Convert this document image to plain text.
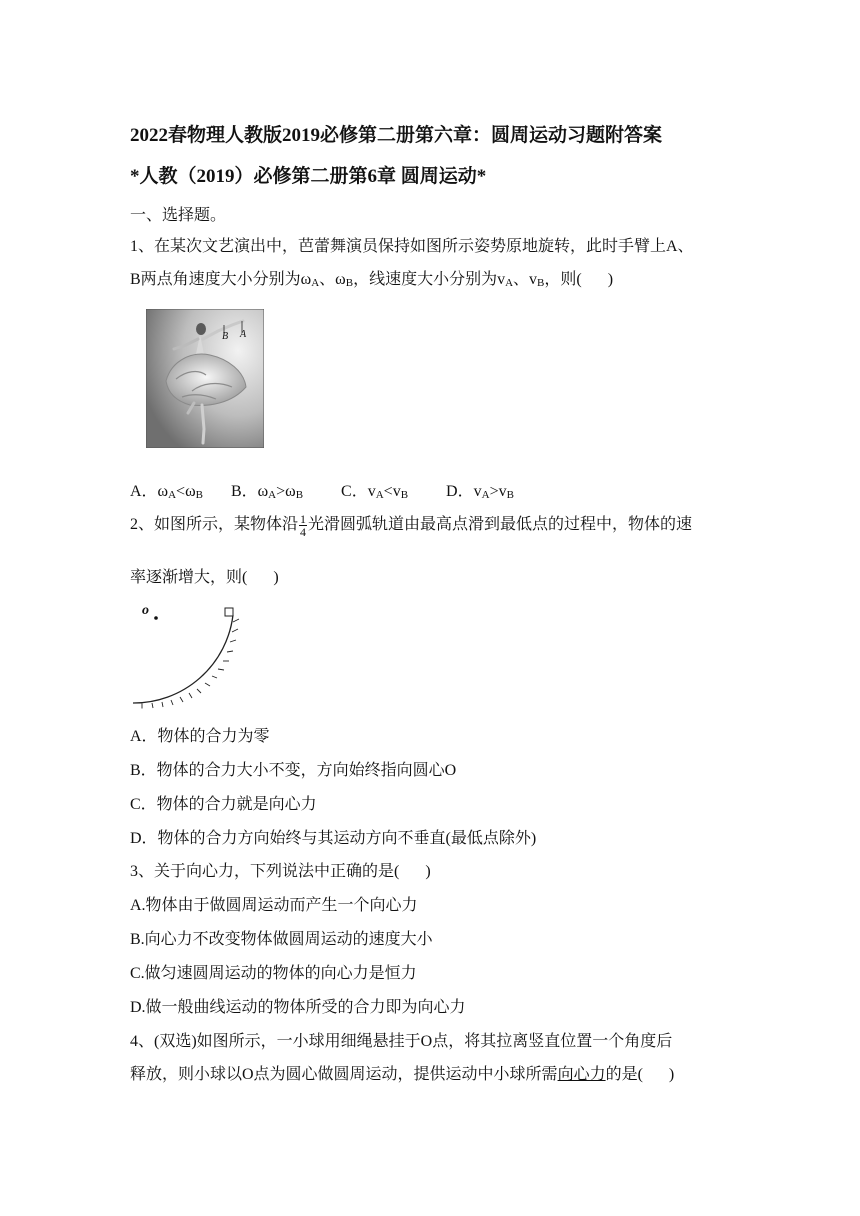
2022春物理人教版2019必修第二册第六章：圆周运动习题附答案
*人教（2019）必修第二册第6章 圆周运动*
一、选择题。
1、在某次文艺演出中，芭蕾舞演员保持如图所示姿势原地旋转，此时手臂上A、
B两点角速度大小分别为$\omega_A$、$\omega_B$，线速度大小分别为$v_A$、$v_B$，则( )
B A
A．$\omega_A<\omega_B$ B．$\omega_A>\omega_B$ C．$v_A<v_B$ D．$v_A>v_B$
2、如图所示，某物体沿 $\frac{1}{4}$ 光滑圆弧轨道由最高点滑到最低点的过程中，物体的速
率逐渐增大，则( )
o
A．物体的合力为零
B．物体的合力大小不变，方向始终指向圆心O
C．物体的合力就是向心力
D．物体的合力方向始终与其运动方向不垂直(最低点除外)
3、关于向心力，下列说法中正确的是( )
A.物体由于做圆周运动而产生一个向心力
B.向心力不改变物体做圆周运动的速度大小
C.做匀速圆周运动的物体的向心力是恒力
D.做一般曲线运动的物体所受的合力即为向心力
4、(双选)如图所示，一小球用细绳悬挂于O点，将其拉离竖直位置一个角度后
释放，则小球以O点为圆心做圆周运动，提供运动中小球所需向心力的是( )
